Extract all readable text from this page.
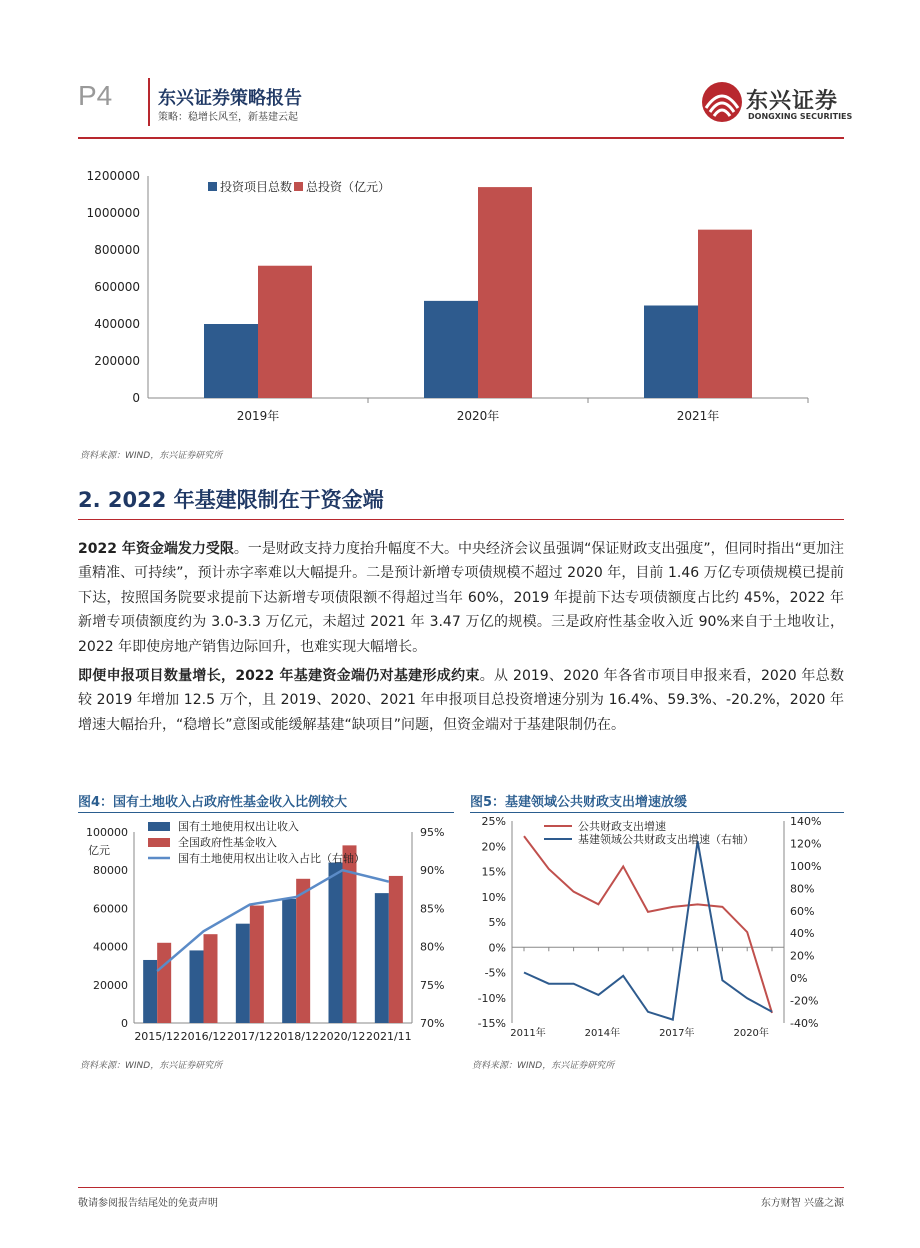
P4	东兴证券策略报告
策略：稳增长风至，新基建云起
东兴证券
DONGXING SECURITIES
0
200000
400000
600000
800000
1000000
1200000
2019年	2020年	2021年
投资项目总数 总投资（亿元）
资料来源：WIND，东兴证券研究所
2. 2022 年基建限制在于资金端
2022 年资金端发力受限。一是财政支持力度抬升幅度不大。中央经济会议虽强调“保证财政支出强度”，但同时指出“更加注重精准、可持续”，预计赤字率难以大幅提升。二是预计新增专项债规模不超过 2020 年，目前 1.46 万亿专项债规模已提前下达，按照国务院要求提前下达新增专项债限额不得超过当年 60%，2019 年提前下达专项债额度占比约 45%，2022 年新增专项债额度约为 3.0-3.3 万亿元，未超过 2021 年 3.47 万亿的规模。三是政府性基金收入近 90%来自于土地收让，2022 年即使房地产销售边际回升，也难实现大幅增长。
即便申报项目数量增长，2022 年基建资金端仍对基建形成约束。从 2019、2020 年各省市项目申报来看，2020 年总数较 2019 年增加 12.5 万个，且 2019、2020、2021 年申报项目总投资增速分别为 16.4%、59.3%、-20.2%，2020 年增速大幅抬升，“稳增长”意图或能缓解基建“缺项目”问题，但资金端对于基建限制仍在。
图4：国有土地收入占政府性基金收入比例较大
0
20000
40000
60000
80000
100000
70%
75%
80%
85%
90%
95%
亿元
2015/12 2016/12 2017/12 2018/12 2020/12 2021/11
国有土地使用权出让收入
全国政府性基金收入
国有土地使用权出让收入占比（右轴）
资料来源：WIND，东兴证券研究所
图5：基建领域公共财政支出增速放缓
-15%
-10%
-5%
0%
5%
10%
15%
20%
25%
-40%
-20%
0%
20%
40%
60%
80%
100%
120%
140%
2011年	2014年	2017年	2020年
公共财政支出增速
基建领域公共财政支出增速（右轴）
资料来源：WIND，东兴证券研究所
敬请参阅报告结尾处的免责声明	东方财智 兴盛之源
